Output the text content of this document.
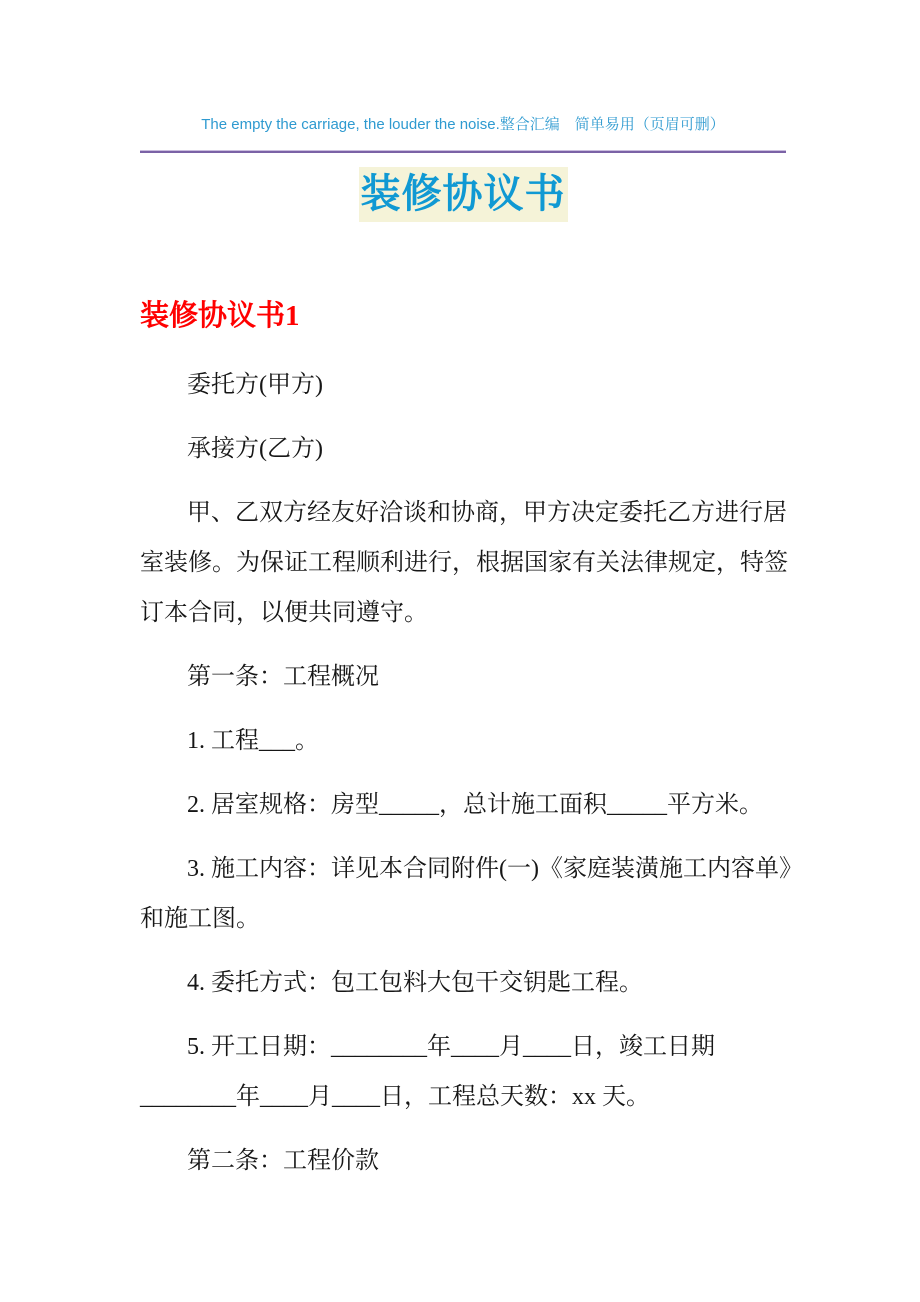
The empty the carriage, the louder the noise.整合汇编　简单易用（页眉可删）
装修协议书
装修协议书1
委托方(甲方)
承接方(乙方)
甲、乙双方经友好洽谈和协商，甲方决定委托乙方进行居
室装修。为保证工程顺利进行，根据国家有关法律规定，特签
订本合同，以便共同遵守。
第一条：工程概况
1. 工程___。
2. 居室规格：房型_____，总计施工面积_____平方米。
3. 施工内容：详见本合同附件(一)《家庭装潢施工内容单》
和施工图。
4. 委托方式：包工包料大包干交钥匙工程。
5. 开工日期：________年____月____日，竣工日期
________年____月____日，工程总天数：xx 天。
第二条：工程价款
